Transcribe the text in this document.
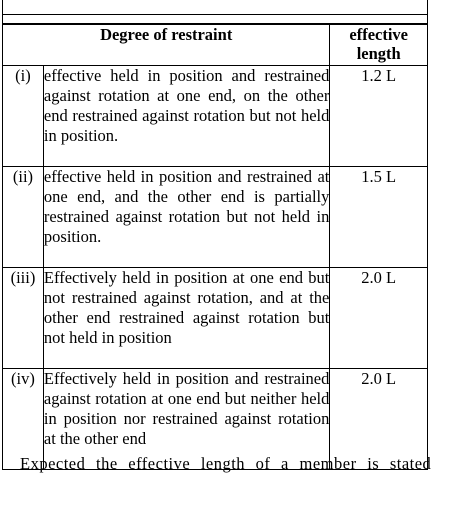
Degree of restraint		effective
length
(i)	effective held in position and restrained against rotation at one end, on the other end restrained against rotation but not held in position.	1.2 L
(ii)	effective held in position and restrained at one end, and the other end is partially restrained against rotation but not held in position.	1.5 L
(iii)	Effectively held in position at one end but not restrained against rotation, and at the other end restrained against rotation but not held in position	2.0 L
(iv)	Effectively held in position and restrained against rotation at one end but neither held in position nor restrained against rotation at the other end	2.0 L
Expected the effective length of a member is stated
